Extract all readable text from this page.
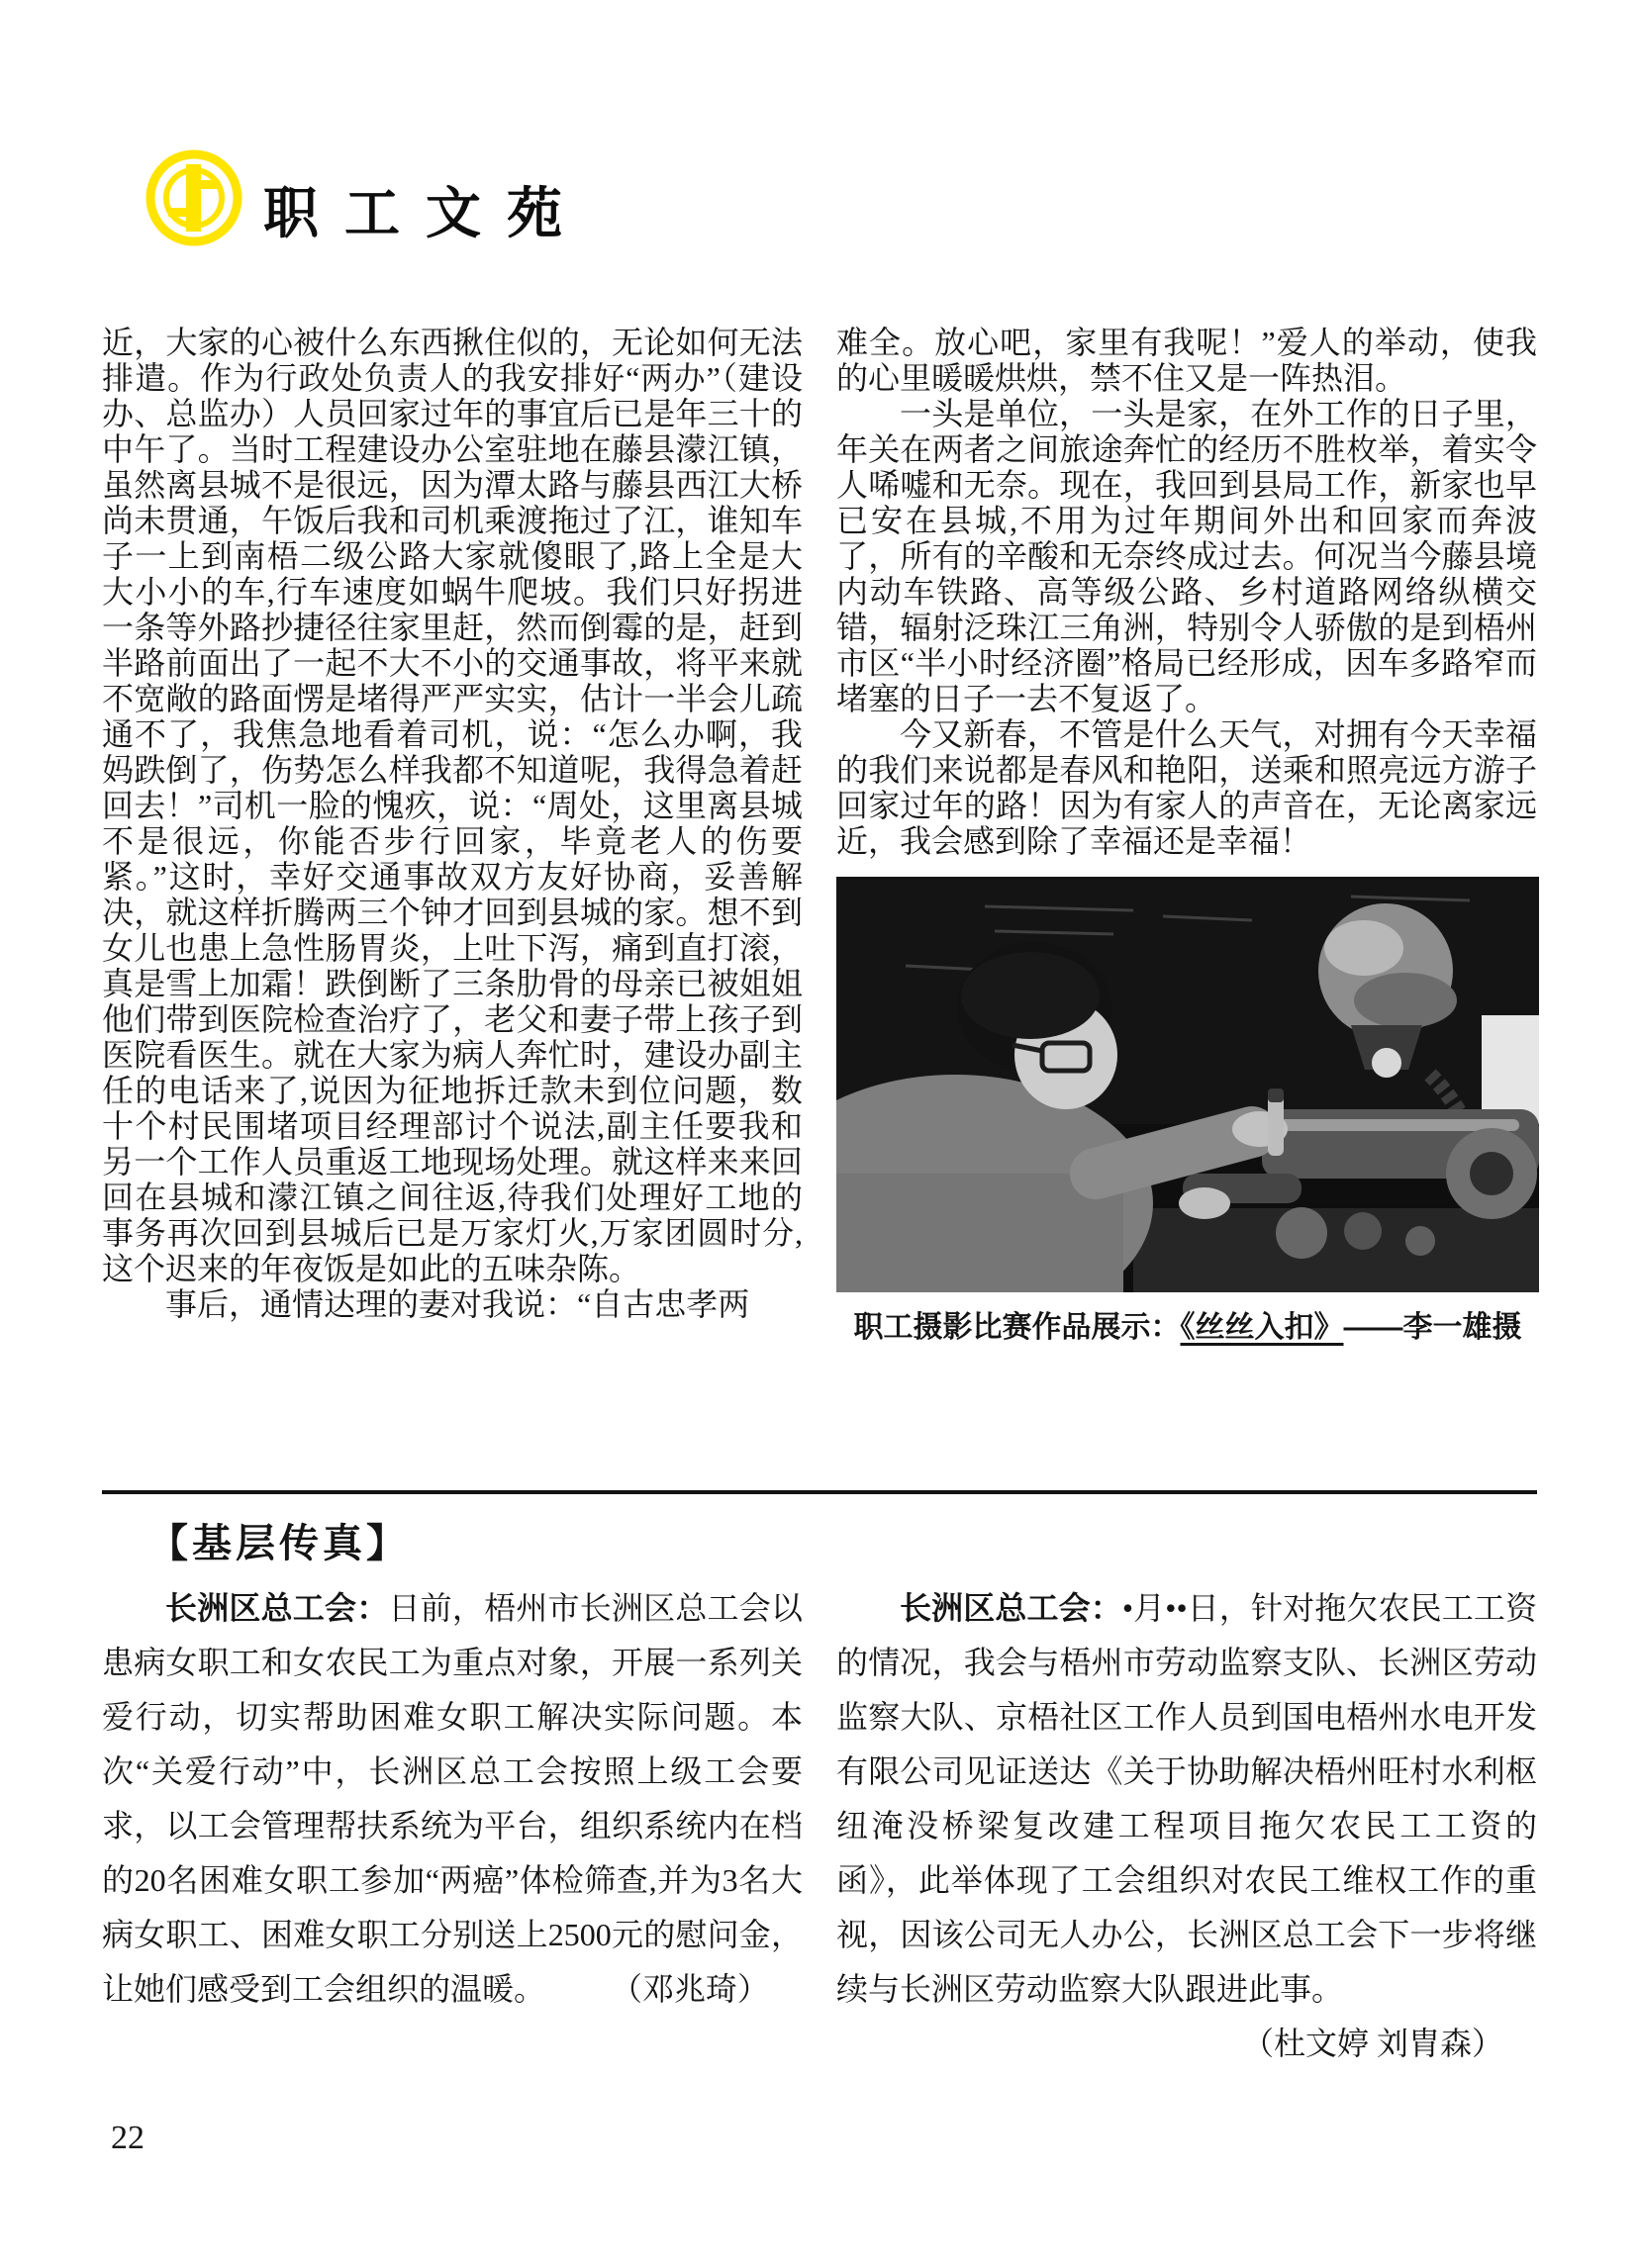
职工文苑

近，大家的心被什么东西揪住似的，无论如何无法排遣。作为行政处负责人的我安排好“两办”（建设办、总监办）人员回家过年的事宜后已是年三十的中午了。当时工程建设办公室驻地在藤县濛江镇，虽然离县城不是很远，因为潭太路与藤县西江大桥尚未贯通，午饭后我和司机乘渡拖过了江，谁知车子一上到南梧二级公路大家就傻眼了,路上全是大大小小的车,行车速度如蜗牛爬坡。我们只好拐进一条等外路抄捷径往家里赶，然而倒霉的是，赶到半路前面出了一起不大不小的交通事故，将平来就不宽敞的路面愣是堵得严严实实，估计一半会儿疏通不了，我焦急地看着司机，说：“怎么办啊，我妈跌倒了，伤势怎么样我都不知道呢，我得急着赶回去！”司机一脸的愧疚，说：“周处，这里离县城不是很远，你能否步行回家，毕竟老人的伤要紧。”这时，幸好交通事故双方友好协商，妥善解决，就这样折腾两三个钟才回到县城的家。想不到女儿也患上急性肠胃炎，上吐下泻，痛到直打滚，真是雪上加霜！跌倒断了三条肋骨的母亲已被姐姐他们带到医院检查治疗了，老父和妻子带上孩子到医院看医生。就在大家为病人奔忙时，建设办副主任的电话来了,说因为征地拆迁款未到位问题，数十个村民围堵项目经理部讨个说法,副主任要我和另一个工作人员重返工地现场处理。就这样来来回回在县城和濛江镇之间往返,待我们处理好工地的事务再次回到县城后已是万家灯火,万家团圆时分,这个迟来的年夜饭是如此的五味杂陈。

事后，通情达理的妻对我说：“自古忠孝两

难全。放心吧，家里有我呢！”爱人的举动，使我的心里暖暖烘烘，禁不住又是一阵热泪。

一头是单位，一头是家，在外工作的日子里，年关在两者之间旅途奔忙的经历不胜枚举，着实令人唏嘘和无奈。现在，我回到县局工作，新家也早已安在县城,不用为过年期间外出和回家而奔波了，所有的辛酸和无奈终成过去。何况当今藤县境内动车铁路、高等级公路、乡村道路网络纵横交错，辐射泛珠江三角洲，特别令人骄傲的是到梧州市区“半小时经济圈”格局已经形成，因车多路窄而堵塞的日子一去不复返了。

今又新春，不管是什么天气，对拥有今天幸福的我们来说都是春风和艳阳，送乘和照亮远方游子回家过年的路！因为有家人的声音在，无论离家远近，我会感到除了幸福还是幸福！

职工摄影比赛作品展示：《丝丝入扣》——李一雄摄
【基层传真】

长洲区总工会：日前，梧州市长洲区总工会以患病女职工和女农民工为重点对象，开展一系列关爱行动，切实帮助困难女职工解决实际问题。本次“关爱行动”中，长洲区总工会按照上级工会要求，以工会管理帮扶系统为平台，组织系统内在档的20名困难女职工参加“两癌”体检筛查,并为3名大病女职工、困难女职工分别送上2500元的慰问金，让她们感受到工会组织的温暖。 （邓兆琦）

长洲区总工会：•月••日，针对拖欠农民工工资的情况，我会与梧州市劳动监察支队、长洲区劳动监察大队、京梧社区工作人员到国电梧州水电开发有限公司见证送达《关于协助解决梧州旺村水利枢纽淹没桥梁复改建工程项目拖欠农民工工资的函》，此举体现了工会组织对农民工维权工作的重视，因该公司无人办公，长洲区总工会下一步将继续与长洲区劳动监察大队跟进此事。

（杜文婷 刘胄森）

22
